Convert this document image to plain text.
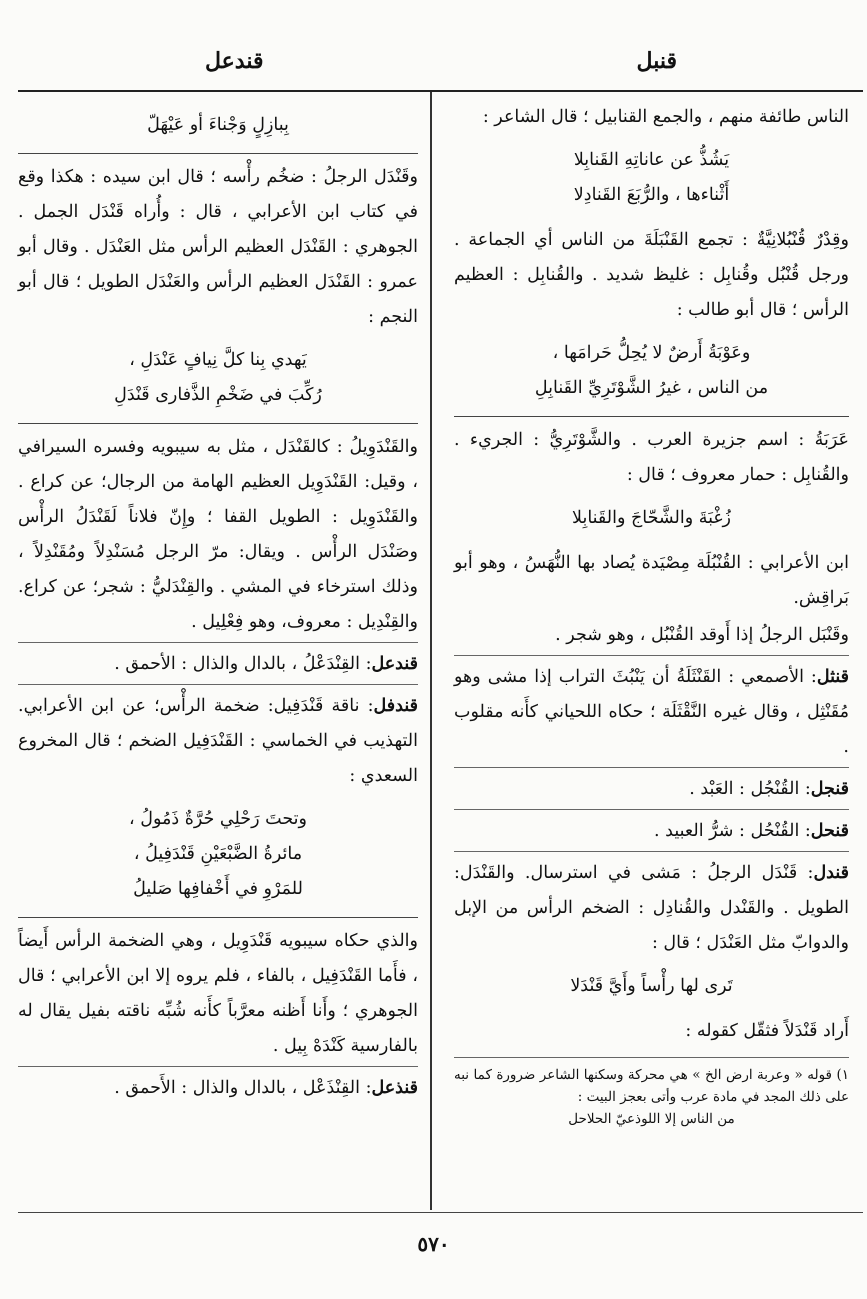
قنبل
قندعل

الناس طائفة منهم ، والجمع القنابيل ؛ قال الشاعر :

يَشُذُّ عن عاناتِهِ القَنابِلا
أَثْناءها ، والرُّبَعَ القَنادِلا

وقِدْرٌ قُنْبُلانِيَّةٌ : تجمع القَنْبَلَةَ من الناس أي الجماعة . ورجل قُنْبُل وقُنابِل : غليظ شديد . والقُنابِل : العظيم الرأس ؛ قال أبو طالب :

وعَوْبَةُ أَرضٌ لا يُحِلُّ حَرامَها ،
من الناس ، غيرُ الشَّوْتَرِيِّ القَنابِلِ

عَرَبَةُ : اسم جزيرة العرب . والشَّوْتَرِيُّ : الجريء . والقُنابِل : حمار معروف ؛ قال :

زُغْبَةَ والشَّحّاجَ والقَنابِلا

ابن الأعرابي : القُنْبُلَة مِصْيَدة يُصاد بها النُّهَسُ ، وهو أبو بَراقِش.

وقَنْبَل الرجلُ إذا أَوقد القُنْبُل ، وهو شجر .

قنثل: الأصمعي : القَنْثَلَةُ أن يَنْبُثَ التراب إذا مشى وهو مُقَنْثِل ، وقال غيره النَّقْثَلَة ؛ حكاه اللحياني كأَنه مقلوب .

قنجل: القُنْجُل : العَبْد .

قنحل: القُنْحُل : شرُّ العبيد .

قندل: قَنْدَل الرجلُ : مَشى في استرسال. والقَنْدَل: الطويل . والقَنْدل والقُنادِل : الضخم الرأس من الإبل والدوابّ مثل العَنْدَل ؛ قال :

تَرى لها رأْساً وأَيَّ قَنْدَلا

أَراد قَنْدَلاً فثقّل كقوله :

١) قوله « وعربة ارض الخ » هي محركة وسكنها الشاعر ضرورة كما نبه على ذلك المجد في مادة عرب وأتى بعجز البيت :
من الناس إلا اللوذعيّ الحلاحل
بِبازِلٍ وَجْناءَ أو عَيْهَلّ

وقَنْدَل الرجلُ : ضخُم رأْسه ؛ قال ابن سيده : هكذا وقع في كتاب ابن الأعرابي ، قال : وأُراه قَنْدَل الجمل . الجوهري : القَنْدَل العظيم الرأس مثل العَنْدَل . وقال أبو عمرو : القَنْدَل العظيم الرأس والعَنْدَل الطويل ؛ قال أبو النجم :

يَهدي بِنا كلَّ نِيافٍ عَنْدَلِ ،
رُكِّبَ في ضَخْمِ الذَّفارى قَنْدَلِ

والقَنْدَوِيلُ : كالقَنْدَل ، مثل به سيبويه وفسره السيرافي ، وقيل: القَنْدَوِيل العظيم الهامة من الرجال؛ عن كراع . والقَنْدَوِيل : الطويل القفا ؛ وإِنّ فلاناً لَقَنْدَلُ الرأْس وصَنْدَل الرأْس . ويقال: مرّ الرجل مُسَنْدِلاً ومُقَنْدِلاً ، وذلك استرخاء في المشي . والقِنْدَليُّ : شجر؛ عن كراع. والقِنْدِيل : معروف، وهو فِعْلِيل .

قندعل: القِنْدَعْلُ ، بالدال والذال : الأحمق .

قندفل: ناقة قَنْدَفِيل: ضخمة الرأْس؛ عن ابن الأعرابي. التهذيب في الخماسي : القَنْدَفِيل الضخم ؛ قال المخروع السعدي :

وتحتَ رَحْلِي حُرَّةٌ ذَمُولُ ،
مائرةُ الضَّبْعَيْنِ قَنْدَفِيلُ ،
للمَرْوِ في أَخْفافِها صَليلُ

والذي حكاه سيبويه قَنْدَوِيل ، وهي الضخمة الرأس أَيضاً ، فأَما القَنْدَفِيل ، بالفاء ، فلم يروه إلا ابن الأعرابي ؛ قال الجوهري ؛ وأَنا أَظنه معرَّباً كأَنه شُبِّه ناقته بفيل يقال له بالفارسية كَنْدَهْ بِيل .

قنذعل: القِنْذَعْل ، بالدال والذال : الأَحمق .

٥٧٠
